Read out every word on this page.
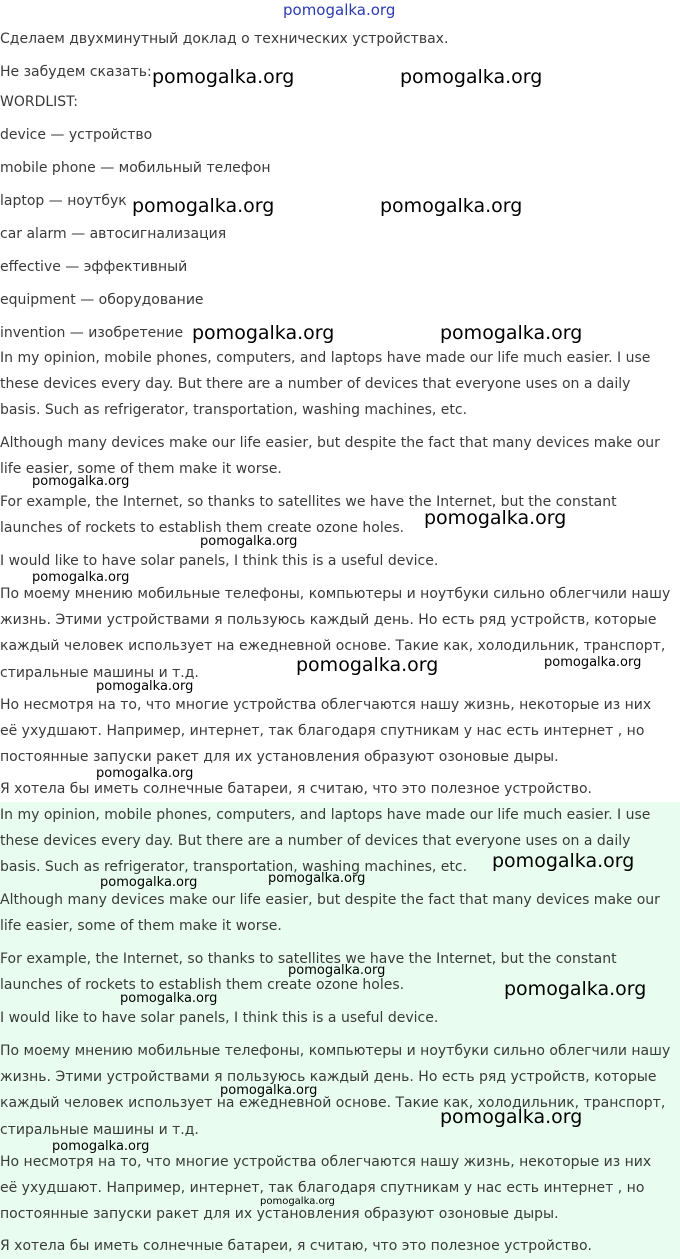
pomogalka.org

Сделаем двухминутный доклад о технических устройствах.

Не забудем сказать:

WORDLIST:

device — устройство

mobile phone — мобильный телефон

laptop — ноутбук

car alarm — автосигнализация

effective — эффективный

equipment — оборудование

invention — изобретение

In my opinion, mobile phones, computers, and laptops have made our life much easier. I use these devices every day. But there are a number of devices that everyone uses on a daily basis. Such as refrigerator, transportation, washing machines, etc.

Although many devices make our life easier, but despite the fact that many devices make our life easier, some of them make it worse.

For example, the Internet, so thanks to satellites we have the Internet, but the constant launches of rockets to establish them create ozone holes.

I would like to have solar panels, I think this is a useful device.

По моему мнению мобильные телефоны, компьютеры и ноутбуки сильно облегчили нашу жизнь. Этими устройствами я пользуюсь каждый день. Но есть ряд устройств, которые каждый человек использует на ежедневной основе. Такие как, холодильник, транспорт, стиральные машины и т.д.

Но несмотря на то, что многие устройства облегчаются нашу жизнь, некоторые из них её ухудшают. Например, интернет, так благодаря спутникам у нас есть интернет , но постоянные запуски ракет для их установления образуют озоновые дыры.

Я хотела бы иметь солнечные батареи, я считаю, что это полезное устройство.

In my opinion, mobile phones, computers, and laptops have made our life much easier. I use these devices every day. But there are a number of devices that everyone uses on a daily basis. Such as refrigerator, transportation, washing machines, etc.

Although many devices make our life easier, but despite the fact that many devices make our life easier, some of them make it worse.

For example, the Internet, so thanks to satellites we have the Internet, but the constant launches of rockets to establish them create ozone holes.

I would like to have solar panels, I think this is a useful device.

По моему мнению мобильные телефоны, компьютеры и ноутбуки сильно облегчили нашу жизнь. Этими устройствами я пользуюсь каждый день. Но есть ряд устройств, которые каждый человек использует на ежедневной основе. Такие как, холодильник, транспорт, стиральные машины и т.д.

Но несмотря на то, что многие устройства облегчаются нашу жизнь, некоторые из них её ухудшают. Например, интернет, так благодаря спутникам у нас есть интернет , но постоянные запуски ракет для их установления образуют озоновые дыры.

Я хотела бы иметь солнечные батареи, я считаю, что это полезное устройство.

pomogalka.org	pomogalka.org
pomogalka.org	pomogalka.org
pomogalka.org	pomogalka.org
pomogalka.org
pomogalka.org
pomogalka.org
pomogalka.org
pomogalka.org	pomogalka.org
pomogalka.org
pomogalka.org
pomogalka.org
pomogalka.org	pomogalka.org
pomogalka.org
pomogalka.org
pomogalka.org
pomogalka.org
pomogalka.org
pomogalka.org
pomogalka.org
